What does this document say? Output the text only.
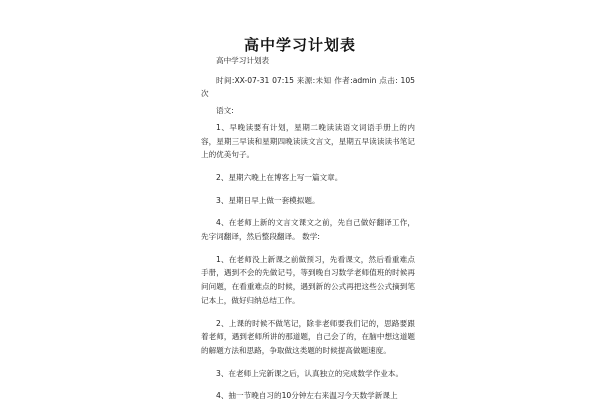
高中学习计划表

高中学习计划表

时间:XX-07-31 07:15 来源:未知 作者:admin 点击: 105次

语文:

1、早晚读要有计划，星期二晚读读语文词语手册上的内容，星期三早读和星期四晚读读文言文，星期五早读读读书笔记上的优美句子。

2、星期六晚上在博客上写一篇文章。

3、星期日早上做一套模拟题。

4、在老师上新的文言文课文之前，先自己做好翻译工作，先字词翻译，然后整段翻译。 数学:

1、在老师没上新课之前做预习，先看课文，然后看重难点手册，遇到不会的先做记号，等到晚自习数学老师值班的时候再问问题，在看重难点的时候，遇到新的公式再把这些公式摘到笔记本上，做好归纳总结工作。

2、上课的时候不做笔记，除非老师要我们记的，思路要跟着老师，遇到老师所讲的那道题，自己会了的，在脑中想这道题的解题方法和思路，争取做这类题的时候提高做题速度。

3、在老师上完新课之后，认真独立的完成数学作业本。

4、抽一节晚自习的10分钟左右来温习今天数学新课上
